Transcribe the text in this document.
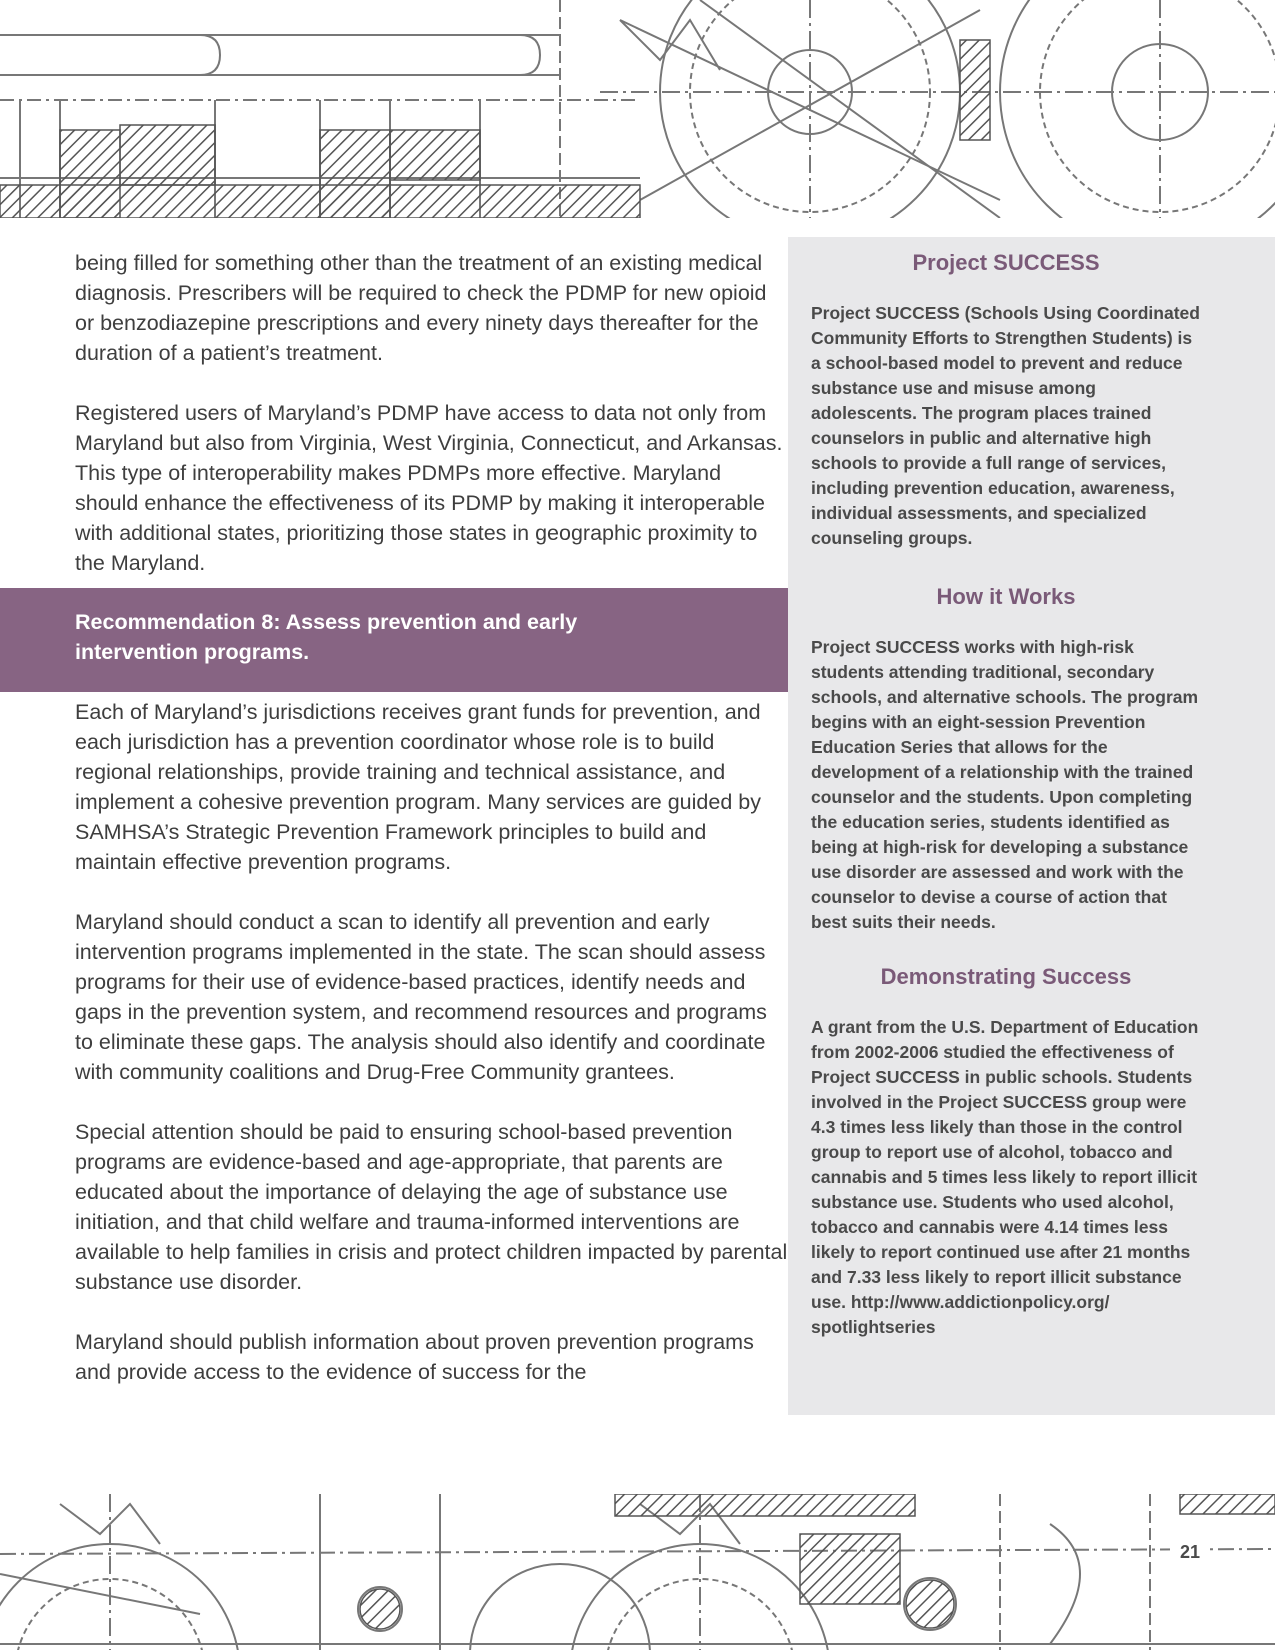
being filled for something other than the treatment of an existing medical diagnosis. Prescribers will be required to check the PDMP for new opioid or benzodiazepine prescriptions and every ninety days thereafter for the duration of a patient’s treatment.

Registered users of Maryland’s PDMP have access to data not only from Maryland but also from Virginia, West Virginia, Connecticut, and Arkansas. This type of interoperability makes PDMPs more effective. Maryland should enhance the effectiveness of its PDMP by making it interoperable with additional states, prioritizing those states in geographic proximity to the Maryland.

Recommendation 8: Assess prevention and early intervention programs.

Each of Maryland’s jurisdictions receives grant funds for prevention, and each jurisdiction has a prevention coordinator whose role is to build regional relationships, provide training and technical assistance, and implement a cohesive prevention program. Many services are guided by SAMHSA’s Strategic Prevention Framework principles to build and maintain effective prevention programs.

Maryland should conduct a scan to identify all prevention and early intervention programs implemented in the state. The scan should assess programs for their use of evidence-based practices, identify needs and gaps in the prevention system, and recommend resources and programs to eliminate these gaps. The analysis should also identify and coordinate with community coalitions and Drug-Free Community grantees.

Special attention should be paid to ensuring school-based prevention programs are evidence-based and age-appropriate, that parents are educated about the importance of delaying the age of substance use initiation, and that child welfare and trauma-informed interventions are available to help families in crisis and protect children impacted by parental substance use disorder.

Maryland should publish information about proven prevention programs and provide access to the evidence of success for the

Project SUCCESS
Project SUCCESS (Schools Using Coordinated Community Efforts to Strengthen Students) is a school-based model to prevent and reduce substance use and misuse among adolescents. The program places trained counselors in public and alternative high schools to provide a full range of services, including prevention education, awareness, individual assessments, and specialized counseling groups.
How it Works
Project SUCCESS works with high-risk students attending traditional, secondary schools, and alternative schools. The program begins with an eight-session Prevention Education Series that allows for the development of a relationship with the trained counselor and the students. Upon completing the education series, students identified as being at high-risk for developing a substance use disorder are assessed and work with the counselor to devise a course of action that best suits their needs.
Demonstrating Success
A grant from the U.S. Department of Education from 2002-2006 studied the effectiveness of Project SUCCESS in public schools. Students involved in the Project SUCCESS group were 4.3 times less likely than those in the control group to report use of alcohol, tobacco and cannabis and 5 times less likely to report illicit substance use. Students who used alcohol, tobacco and cannabis were 4.14 times less likely to report continued use after 21 months and 7.33 less likely to report illicit substance use. http://www.addictionpolicy.org/ spotlightseries
21
